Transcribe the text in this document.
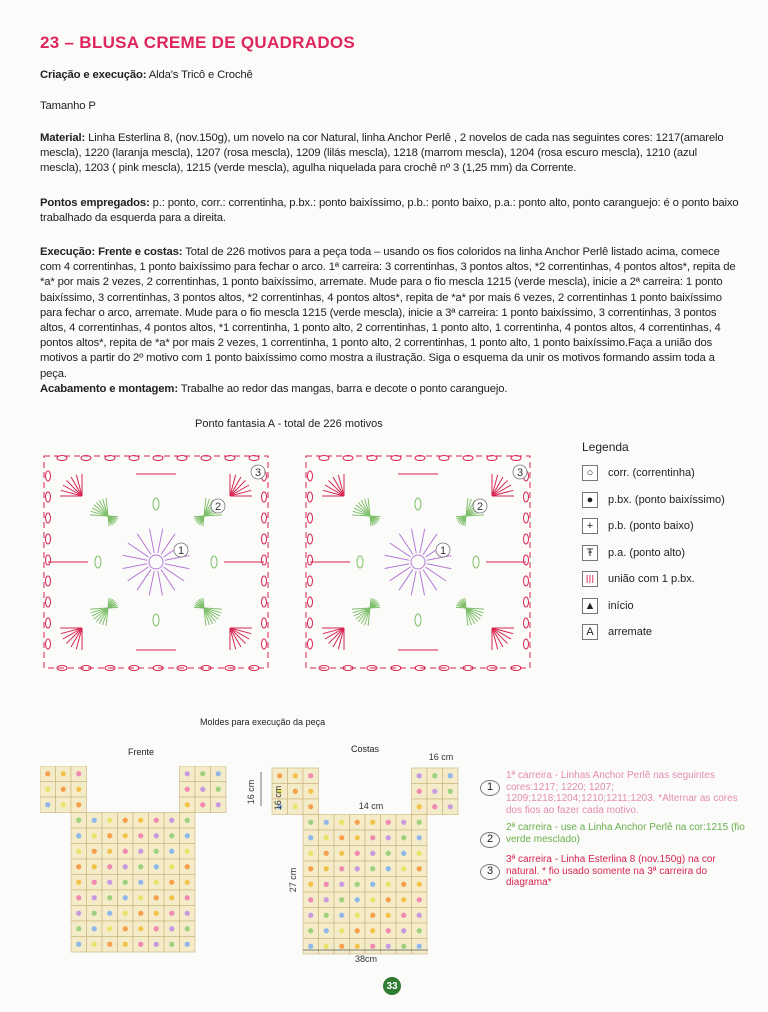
23 – BLUSA CREME DE QUADRADOS
Criação e execução: Alda's Tricô e Crochê
Tamanho P
Material: Linha Esterlina 8, (nov.150g), um novelo na cor Natural, linha Anchor Perlê , 2 novelos de cada nas seguintes cores: 1217(amarelo mescla), 1220 (laranja mescla), 1207 (rosa mescla), 1209 (lilás mescla), 1218 (marrom mescla), 1204 (rosa escuro mescla), 1210 (azul mescla), 1203 ( pink mescla), 1215 (verde mescla), agulha niquelada para crochê nº 3 (1,25 mm) da Corrente.
Pontos empregados: p.: ponto, corr.: correntinha, p.bx.: ponto baixíssimo, p.b.: ponto baixo, p.a.: ponto alto, ponto caranguejo: é o ponto baixo trabalhado da esquerda para a direita.
Execução: Frente e costas: Total de 226 motivos para a peça toda – usando os fios coloridos na linha Anchor Perlê listado acima, comece com 4 correntinhas, 1 ponto baixíssimo para fechar o arco. 1ª carreira: 3 correntinhas, 3 pontos altos, *2 correntinhas, 4 pontos altos*, repita de *a* por mais 2 vezes, 2 correntinhas, 1 ponto baixíssimo, arremate. Mude para o fio mescla 1215 (verde mescla), inicie a 2ª carreira: 1 ponto baixíssimo, 3 correntinhas, 3 pontos altos, *2 correntinhas, 4 pontos altos*, repita de *a* por mais 6 vezes, 2 correntinhas 1 ponto baixíssimo para fechar o arco, arremate. Mude para o fio mescla 1215 (verde mescla), inicie a 3ª carreira: 1 ponto baixíssimo, 3 correntinhas, 3 pontos altos, 4 correntinhas, 4 pontos altos, *1 correntinha, 1 ponto alto, 2 correntinhas, 1 ponto alto, 1 correntinha, 4 pontos altos, 4 correntinhas, 4 pontos altos*, repita de *a* por mais 2 vezes, 1 correntinha, 1 ponto alto, 2 correntinhas, 1 ponto alto, 1 ponto baixíssimo.Faça a união dos motivos a partir do 2º motivo com 1 ponto baixíssimo como mostra a ilustração. Siga o esquema da unir os motivos formando assim toda a peça.
Acabamento e montagem: Trabalhe ao redor das mangas, barra e decote o ponto caranguejo.
Ponto fantasia A - total de 226 motivos
1
2
3
1
2
3
Legenda
○	corr. (correntinha)
●	p.bx. (ponto baixíssimo)
+	p.b. (ponto baixo)
Ŧ	p.a. (ponto alto)
Ⲽ	união com 1 p.bx.
▲ início
A	arremate
Moldes para execução da peça
Frente	Costas
16 cm
16 cm
14 cm
16 cm
27 cm
38cm
1
1ª carreira - Linhas Anchor Perlê nas seguintes cores:1217; 1220; 1207; 1209;1218;1204;1210;1211;1203. *Alternar as cores dos fios ao fazer cada motivo.
2
2ª carreira - use a Linha Anchor Perlê na cor:1215 (fio verde mesclado)
3
3ª carreira - Linha Esterlina 8 (nov.150g) na cor natural. * fio usado somente na 3ª carreira do diagrama*
33
